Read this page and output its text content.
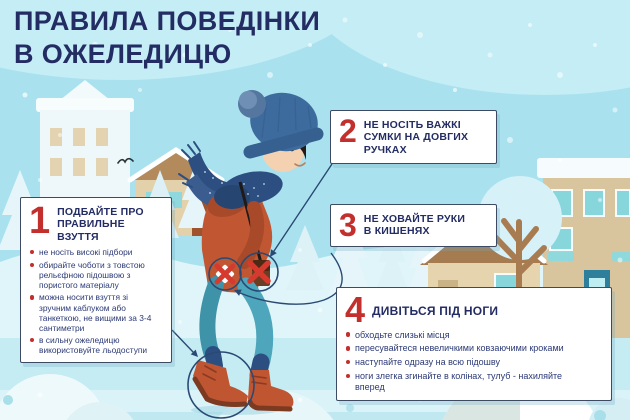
ПРАВИЛА ПОВЕДІНКИ
В ОЖЕЛЕДИЦЮ
1 ПОДБАЙТЕ ПРО ПРАВИЛЬНЕ ВЗУТТЯ
не носіть високі підбори
обирайте чоботи з товстою рельєфною підошвою з пористого матеріалу
можна носити взуття зі зручним каблуком або танкеткою, не вищими за 3-4 сантиметри
в сильну ожеледицю використовуйте льодоступи
2 НЕ НОСІТЬ ВАЖКІ СУМКИ НА ДОВГИХ РУЧКАХ
3 НЕ ХОВАЙТЕ РУКИ В КИШЕНЯХ
4 ДИВІТЬСЯ ПІД НОГИ
обходьте слизькі місця
пересувайтеся невеличкими ковзаючими кроками
наступайте одразу на всю підошву
ноги злегка згинайте в колінах, тулуб - нахиляйте вперед
